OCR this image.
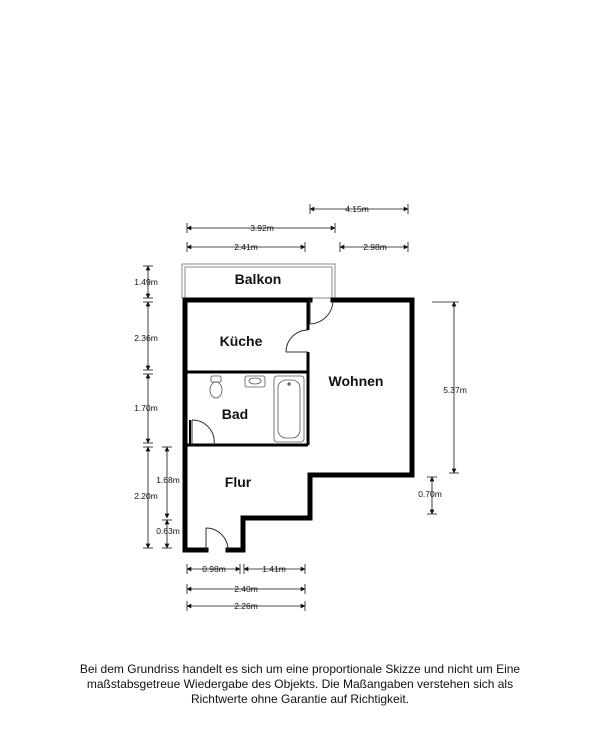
Balkon
Küche
Bad
Wohnen
Flur
4.15m
3.92m
2.41m	2.98m
1.49m
2.36m
1.70m
1.68m
2.20m
0.63m
5.37m
0.70m
0.98m	1.41m
2.40m
2.26m
Bei dem Grundriss handelt es sich um eine proportionale Skizze und nicht um Eine
maßstabsgetreue Wiedergabe des Objekts. Die Maßangaben verstehen sich als
Richtwerte ohne Garantie auf Richtigkeit.
